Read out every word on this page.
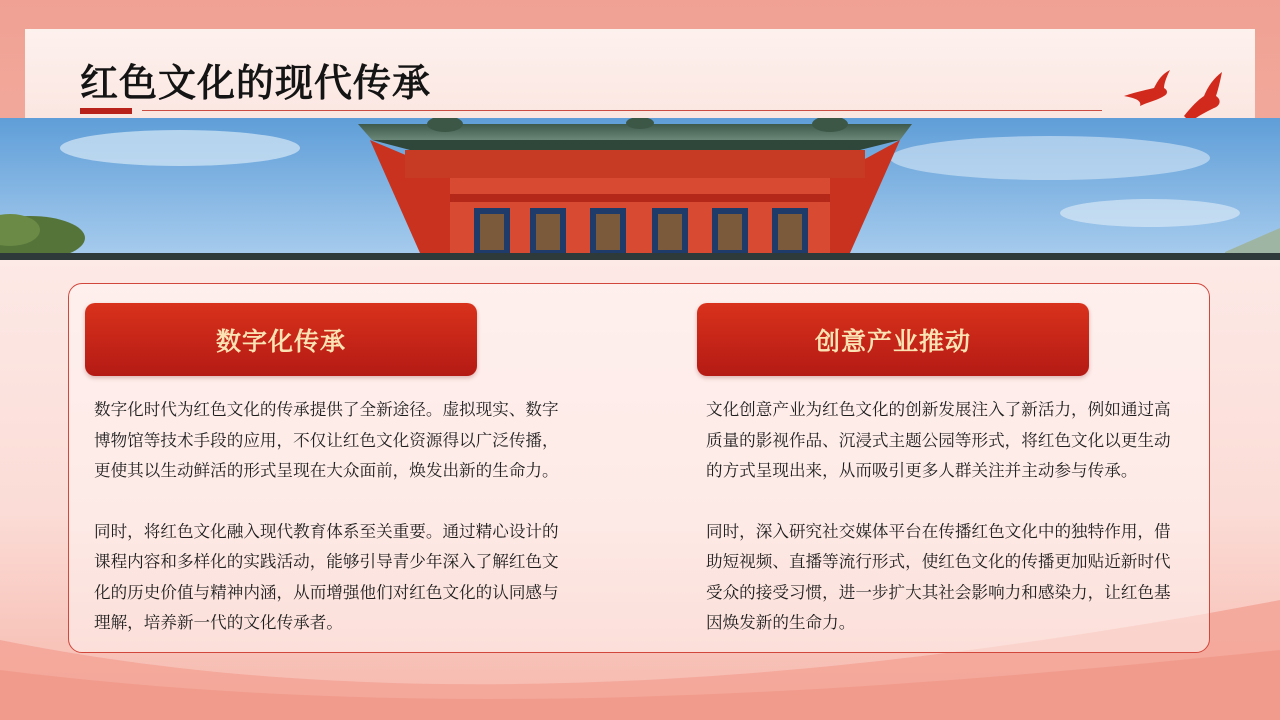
红色文化的现代传承
数字化传承	创意产业推动

数字化时代为红色文化的传承提供了全新途径。虚拟现实、数字博物馆等技术手段的应用，不仅让红色文化资源得以广泛传播，更使其以生动鲜活的形式呈现在大众面前，焕发出新的生命力。

同时，将红色文化融入现代教育体系至关重要。通过精心设计的课程内容和多样化的实践活动，能够引导青少年深入了解红色文化的历史价值与精神内涵，从而增强他们对红色文化的认同感与理解，培养新一代的文化传承者。

文化创意产业为红色文化的创新发展注入了新活力，例如通过高质量的影视作品、沉浸式主题公园等形式，将红色文化以更生动的方式呈现出来，从而吸引更多人群关注并主动参与传承。

同时，深入研究社交媒体平台在传播红色文化中的独特作用，借助短视频、直播等流行形式，使红色文化的传播更加贴近新时代受众的接受习惯，进一步扩大其社会影响力和感染力，让红色基因焕发新的生命力。
